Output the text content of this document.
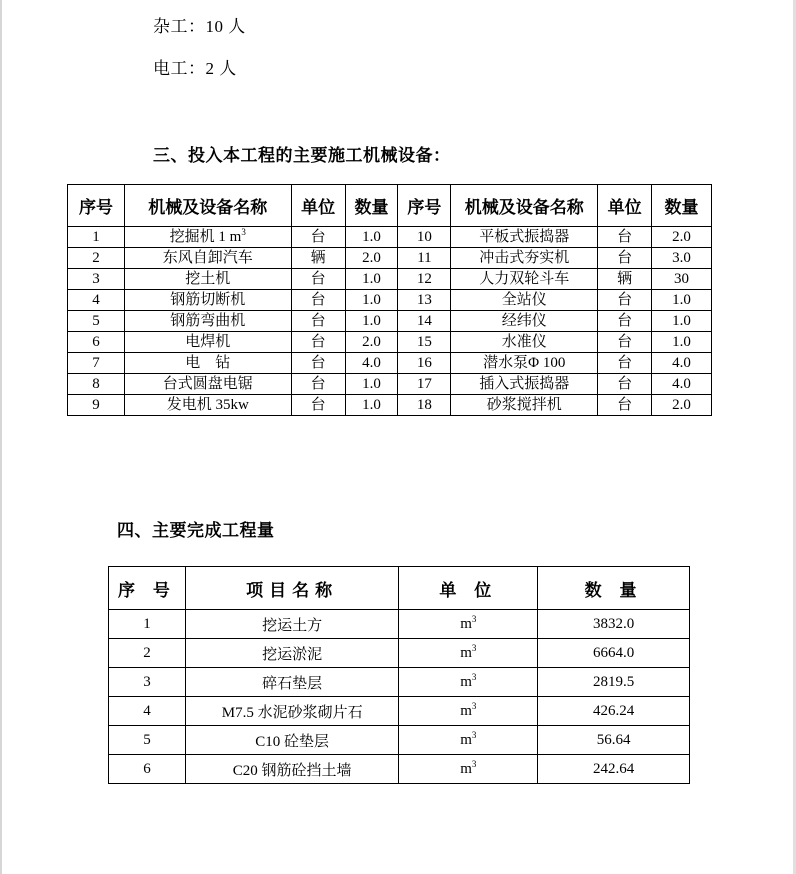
杂工：10 人
电工：2 人
三、投入本工程的主要施工机械设备：
序号	机械及设备名称	单位	数量	序号	机械及设备名称	单位	数量
1	挖掘机 1 $m^3$	台	1.0	10	平板式振捣器	台	2.0
2	东风自卸汽车	辆	2.0	11	冲击式夯实机	台	3.0
3	挖土机	台	1.0	12	人力双轮斗车	辆	30
4	钢筋切断机	台	1.0	13	全站仪	台	1.0
5	钢筋弯曲机	台	1.0	14	经纬仪	台	1.0
6	电焊机	台	2.0	15	水准仪	台	1.0
7	电　钻	台	4.0	16	潜水泵Φ 100	台	4.0
8	台式圆盘电锯	台	1.0	17	插入式振捣器	台	4.0
9	发电机 35kw	台	1.0	18	砂浆搅拌机	台	2.0
四、主要完成工程量
序 号	项目名称	单 位	数 量
1	挖运土方	$m^3$	3832.0
2	挖运淤泥	$m^3$	6664.0
3	碎石垫层	$m^3$	2819.5
4	M7.5 水泥砂浆砌片石	$m^3$	426.24
5	C10 砼垫层	$m^3$	56.64
6	C20 钢筋砼挡土墙	$m^3$	242.64
